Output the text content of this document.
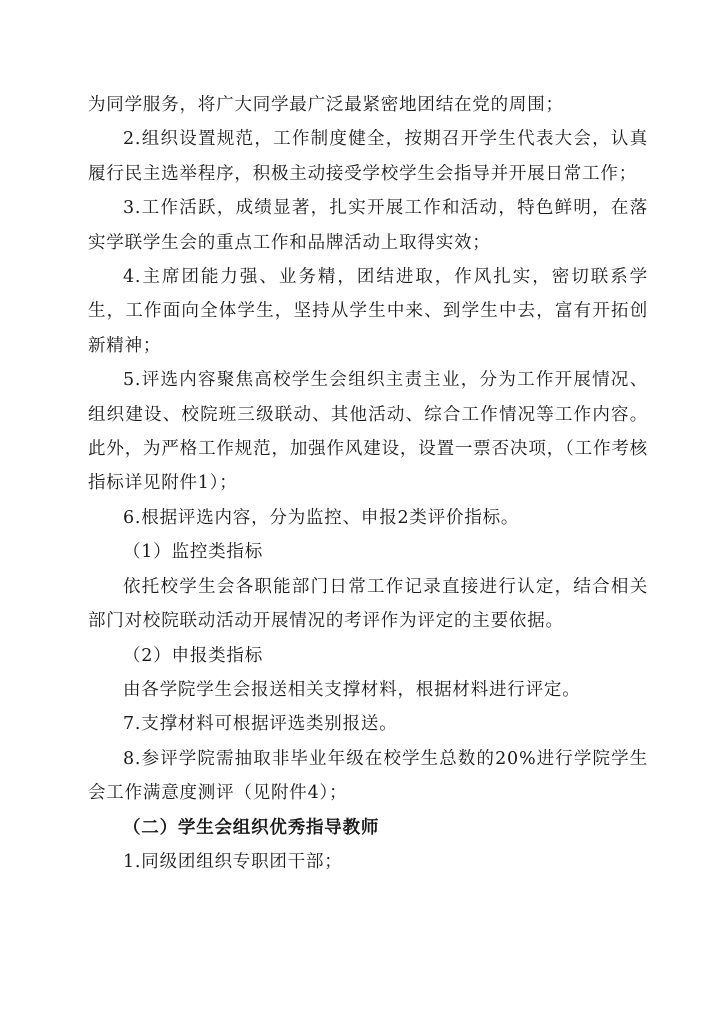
为同学服务，将广大同学最广泛最紧密地团结在党的周围；

2.组织设置规范，工作制度健全，按期召开学生代表大会，认真履行民主选举程序，积极主动接受学校学生会指导并开展日常工作；

3.工作活跃，成绩显著，扎实开展工作和活动，特色鲜明，在落实学联学生会的重点工作和品牌活动上取得实效；

4.主席团能力强、业务精，团结进取，作风扎实，密切联系学生，工作面向全体学生，坚持从学生中来、到学生中去，富有开拓创新精神；

5.评选内容聚焦高校学生会组织主责主业，分为工作开展情况、组织建设、校院班三级联动、其他活动、综合工作情况等工作内容。此外，为严格工作规范，加强作风建设，设置一票否决项，（工作考核指标详见附件1）；

6.根据评选内容，分为监控、申报2类评价指标。

（1）监控类指标

依托校学生会各职能部门日常工作记录直接进行认定，结合相关部门对校院联动活动开展情况的考评作为评定的主要依据。

（2）申报类指标

由各学院学生会报送相关支撑材料，根据材料进行评定。

7.支撑材料可根据评选类别报送。

8.参评学院需抽取非毕业年级在校学生总数的20%进行学院学生会工作满意度测评（见附件4）；

（二）学生会组织优秀指导教师

1.同级团组织专职团干部；
